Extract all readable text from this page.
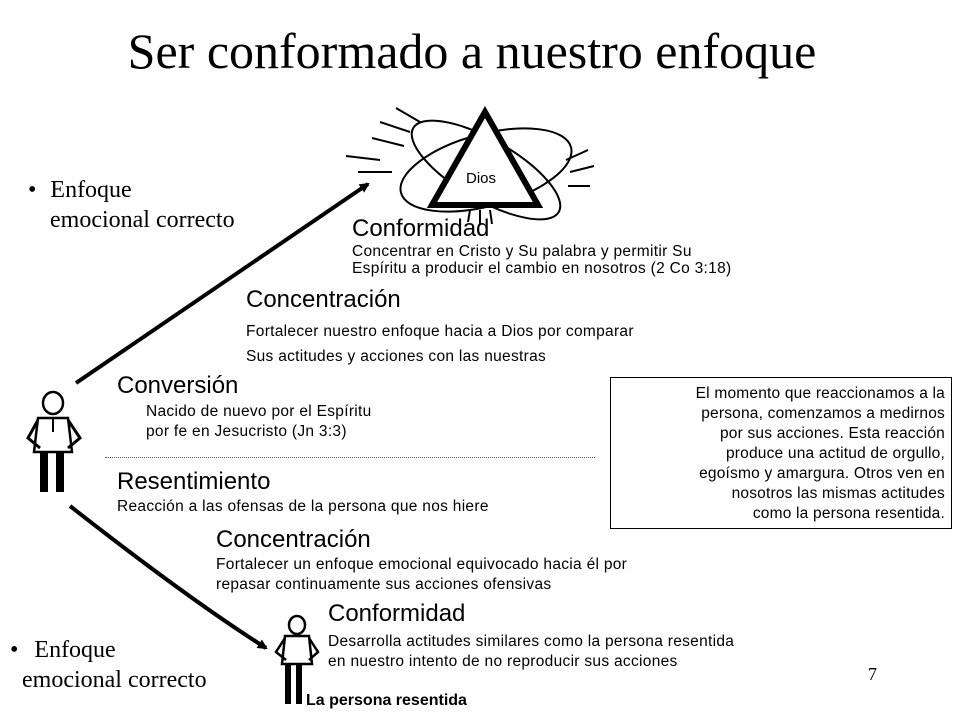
Ser conformado a nuestro enfoque
Dios
• Enfoque
emocional correcto
• Enfoque
emocional correcto
Conformidad
Concentrar en Cristo y Su palabra y permitir Su
Espíritu a producir el cambio en nosotros (2 Co 3:18)
Concentración
Fortalecer nuestro enfoque hacia a Dios por comparar
Sus actitudes y acciones con las nuestras
Conversión
Nacido de nuevo por el Espíritu
por fe en Jesucristo (Jn 3:3)
Resentimiento
Reacción a las ofensas de la persona que nos hiere
Concentración
Fortalecer un enfoque emocional equivocado hacia él por
repasar continuamente sus acciones ofensivas
Conformidad
Desarrolla actitudes similares como la persona resentida
en nuestro intento de no reproducir sus acciones
El momento que reaccionamos a la
persona, comenzamos a medirnos
por sus acciones. Esta reacción
produce una actitud de orgullo,
egoísmo y amargura. Otros ven en
nosotros las mismas actitudes
como la persona resentida.
La persona resentida
7
